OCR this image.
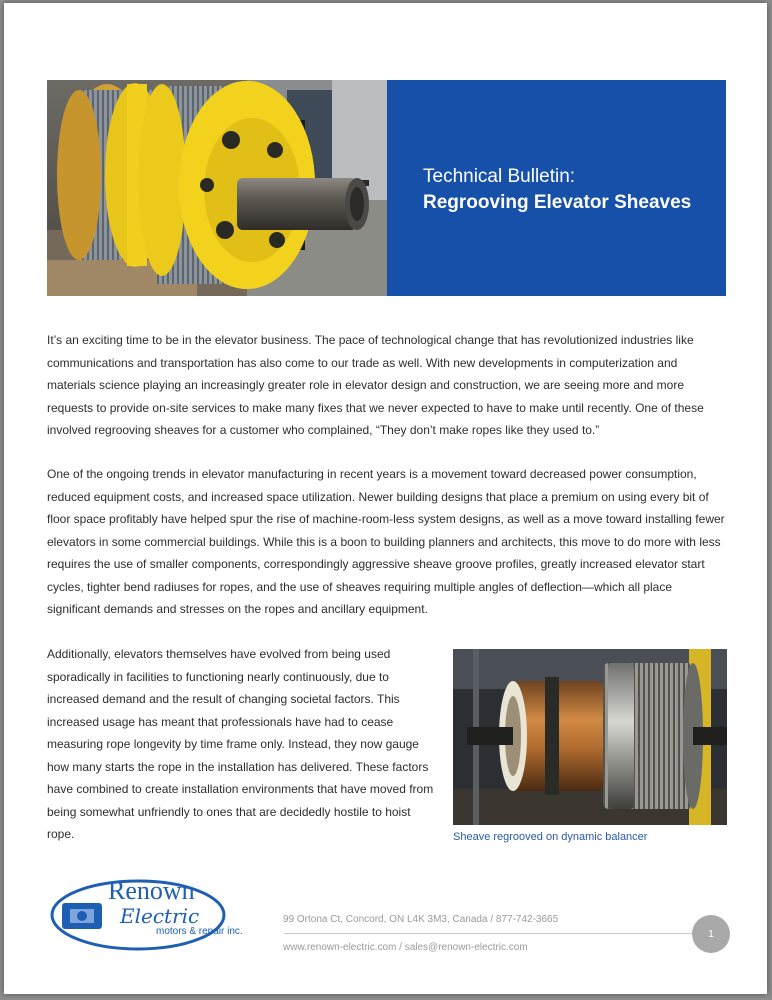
Technical Bulletin:
Regrooving Elevator Sheaves

It’s an exciting time to be in the elevator business. The pace of technological change that has revolutionized industries like communications and transportation has also come to our trade as well. With new developments in computerization and materials science playing an increasingly greater role in elevator design and construction, we are seeing more and more requests to provide on-site services to make many fixes that we never expected to have to make until recently. One of these involved regrooving sheaves for a customer who complained, “They don’t make ropes like they used to.”

One of the ongoing trends in elevator manufacturing in recent years is a movement toward decreased power consumption, reduced equipment costs, and increased space utilization. Newer building designs that place a premium on using every bit of floor space profitably have helped spur the rise of machine-room-less system designs, as well as a move toward installing fewer elevators in some commercial buildings. While this is a boon to building planners and architects, this move to do more with less requires the use of smaller components, correspondingly aggressive sheave groove profiles, greatly increased elevator start cycles, tighter bend radiuses for ropes, and the use of sheaves requiring multiple angles of deflection—which all place significant demands and stresses on the ropes and ancillary equipment.

Additionally, elevators themselves have evolved from being used sporadically in facilities to functioning nearly continuously, due to increased demand and the result of changing societal factors. This increased usage has meant that professionals have had to cease measuring rope longevity by time frame only. Instead, they now gauge how many starts the rope in the installation has delivered. These factors have combined to create installation environments that have moved from being somewhat unfriendly to ones that are decidedly hostile to hoist rope.	Sheave regrooved on dynamic balancer
Renown
Electric
motors & repair inc.
99 Ortona Ct, Concord, ON L4K 3M3, Canada / 877-742-3665
www.renown-electric.com / sales@renown-electric.com
1
